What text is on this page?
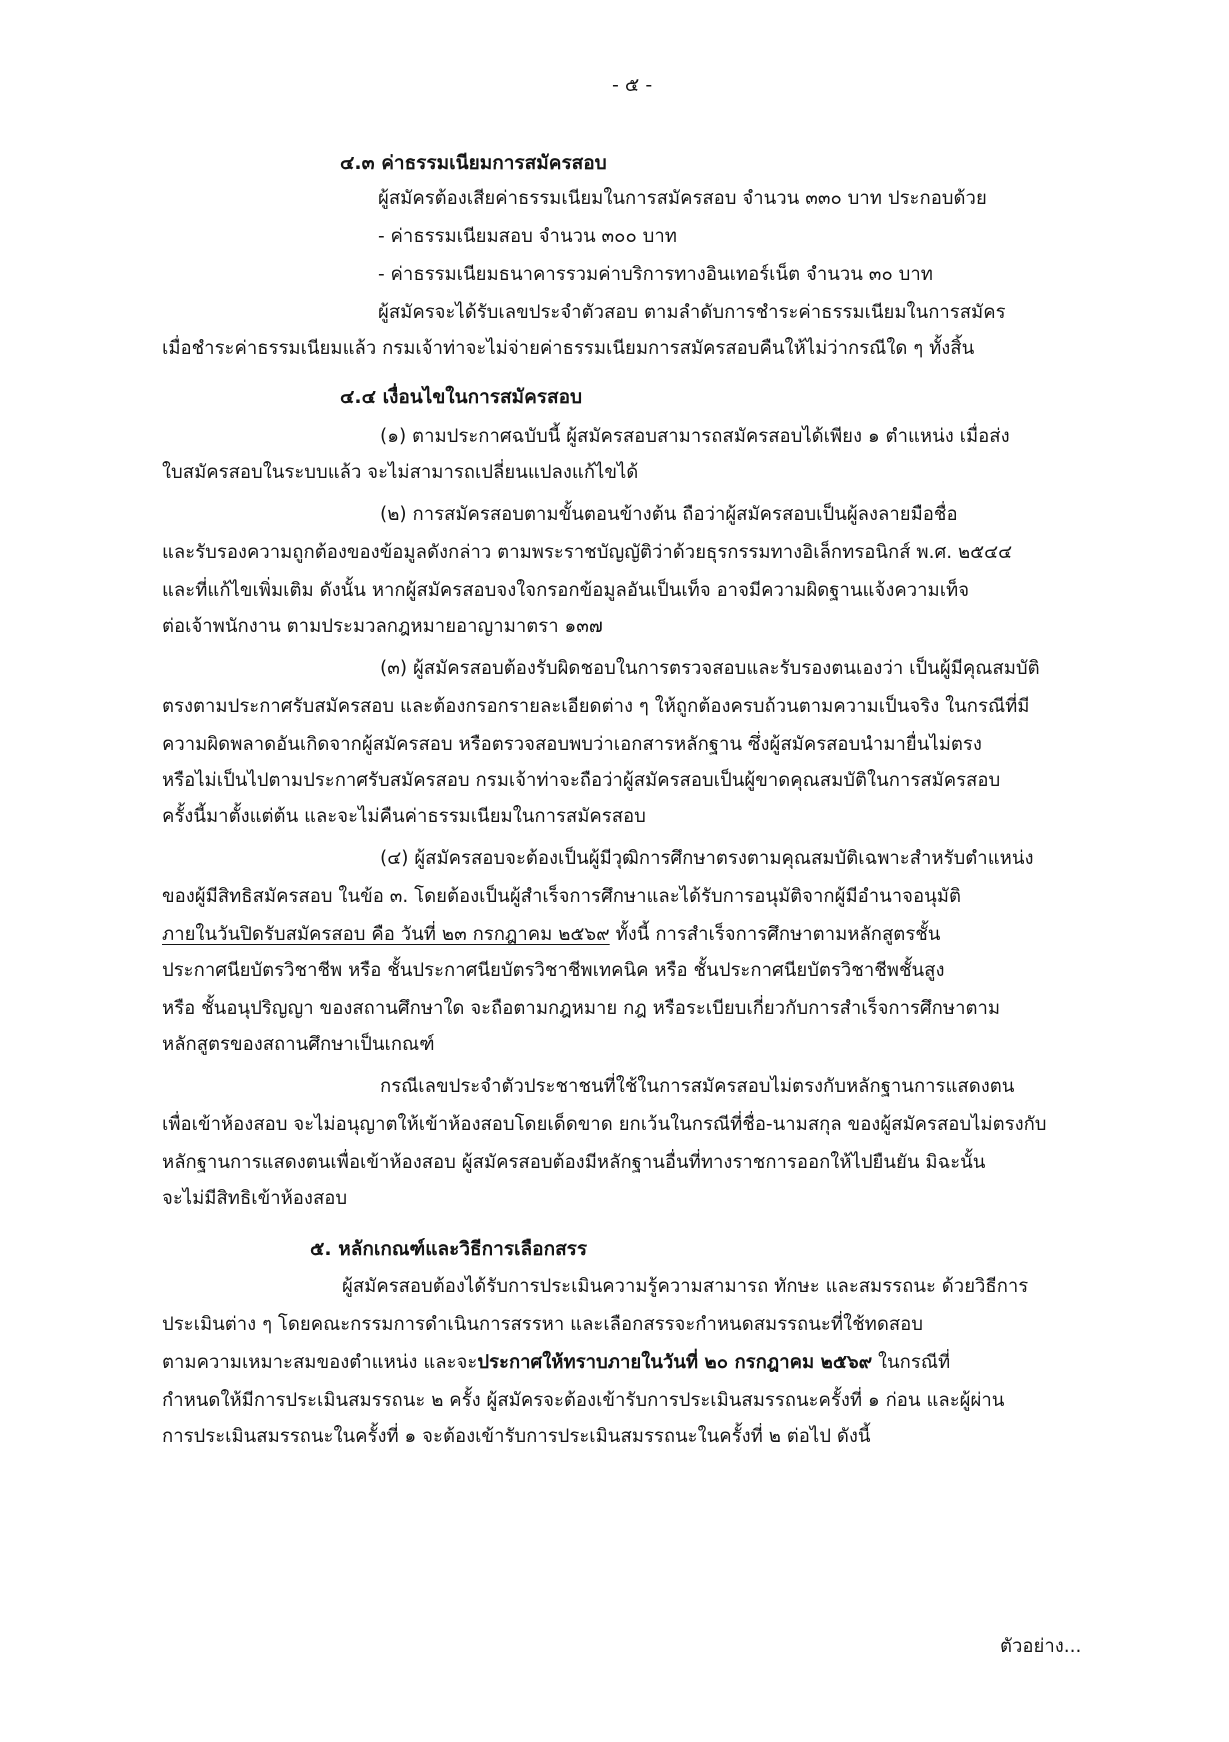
- ๕ -
๔.๓ ค่าธรรมเนียมการสมัครสอบ
ผู้สมัครต้องเสียค่าธรรมเนียมในการสมัครสอบ จำนวน ๓๓๐ บาท ประกอบด้วย
- ค่าธรรมเนียมสอบ จำนวน ๓๐๐ บาท
- ค่าธรรมเนียมธนาคารรวมค่าบริการทางอินเทอร์เน็ต จำนวน ๓๐ บาท
ผู้สมัครจะได้รับเลขประจำตัวสอบ ตามลำดับการชำระค่าธรรมเนียมในการสมัคร
เมื่อชำระค่าธรรมเนียมแล้ว กรมเจ้าท่าจะไม่จ่ายค่าธรรมเนียมการสมัครสอบคืนให้ไม่ว่ากรณีใด ๆ ทั้งสิ้น
๔.๔ เงื่อนไขในการสมัครสอบ
(๑) ตามประกาศฉบับนี้ ผู้สมัครสอบสามารถสมัครสอบได้เพียง ๑ ตำแหน่ง เมื่อส่ง
ใบสมัครสอบในระบบแล้ว จะไม่สามารถเปลี่ยนแปลงแก้ไขได้
(๒) การสมัครสอบตามขั้นตอนข้างต้น ถือว่าผู้สมัครสอบเป็นผู้ลงลายมือชื่อ
และรับรองความถูกต้องของข้อมูลดังกล่าว ตามพระราชบัญญัติว่าด้วยธุรกรรมทางอิเล็กทรอนิกส์ พ.ศ. ๒๕๔๔
และที่แก้ไขเพิ่มเติม ดังนั้น หากผู้สมัครสอบจงใจกรอกข้อมูลอันเป็นเท็จ อาจมีความผิดฐานแจ้งความเท็จ
ต่อเจ้าพนักงาน ตามประมวลกฎหมายอาญามาตรา ๑๓๗
(๓) ผู้สมัครสอบต้องรับผิดชอบในการตรวจสอบและรับรองตนเองว่า เป็นผู้มีคุณสมบัติ
ตรงตามประกาศรับสมัครสอบ และต้องกรอกรายละเอียดต่าง ๆ ให้ถูกต้องครบถ้วนตามความเป็นจริง ในกรณีที่มี
ความผิดพลาดอันเกิดจากผู้สมัครสอบ หรือตรวจสอบพบว่าเอกสารหลักฐาน ซึ่งผู้สมัครสอบนำมายื่นไม่ตรง
หรือไม่เป็นไปตามประกาศรับสมัครสอบ กรมเจ้าท่าจะถือว่าผู้สมัครสอบเป็นผู้ขาดคุณสมบัติในการสมัครสอบ
ครั้งนี้มาตั้งแต่ต้น และจะไม่คืนค่าธรรมเนียมในการสมัครสอบ
(๔) ผู้สมัครสอบจะต้องเป็นผู้มีวุฒิการศึกษาตรงตามคุณสมบัติเฉพาะสำหรับตำแหน่ง
ของผู้มีสิทธิสมัครสอบ ในข้อ ๓. โดยต้องเป็นผู้สำเร็จการศึกษาและได้รับการอนุมัติจากผู้มีอำนาจอนุมัติ
ภายในวันปิดรับสมัครสอบ คือ วันที่ ๒๓ กรกฎาคม ๒๕๖๙ ทั้งนี้ การสำเร็จการศึกษาตามหลักสูตรชั้น
ประกาศนียบัตรวิชาชีพ หรือ ชั้นประกาศนียบัตรวิชาชีพเทคนิค หรือ ชั้นประกาศนียบัตรวิชาชีพชั้นสูง
หรือ ชั้นอนุปริญญา ของสถานศึกษาใด จะถือตามกฎหมาย กฎ หรือระเบียบเกี่ยวกับการสำเร็จการศึกษาตาม
หลักสูตรของสถานศึกษาเป็นเกณฑ์
กรณีเลขประจำตัวประชาชนที่ใช้ในการสมัครสอบไม่ตรงกับหลักฐานการแสดงตน
เพื่อเข้าห้องสอบ จะไม่อนุญาตให้เข้าห้องสอบโดยเด็ดขาด ยกเว้นในกรณีที่ชื่อ-นามสกุล ของผู้สมัครสอบไม่ตรงกับ
หลักฐานการแสดงตนเพื่อเข้าห้องสอบ ผู้สมัครสอบต้องมีหลักฐานอื่นที่ทางราชการออกให้ไปยืนยัน มิฉะนั้น
จะไม่มีสิทธิเข้าห้องสอบ
๕. หลักเกณฑ์และวิธีการเลือกสรร
ผู้สมัครสอบต้องได้รับการประเมินความรู้ความสามารถ ทักษะ และสมรรถนะ ด้วยวิธีการ
ประเมินต่าง ๆ โดยคณะกรรมการดำเนินการสรรหา และเลือกสรรจะกำหนดสมรรถนะที่ใช้ทดสอบ
ตามความเหมาะสมของตำแหน่ง และจะประกาศให้ทราบภายในวันที่ ๒๐ กรกฎาคม ๒๕๖๙ ในกรณีที่
กำหนดให้มีการประเมินสมรรถนะ ๒ ครั้ง ผู้สมัครจะต้องเข้ารับการประเมินสมรรถนะครั้งที่ ๑ ก่อน และผู้ผ่าน
การประเมินสมรรถนะในครั้งที่ ๑ จะต้องเข้ารับการประเมินสมรรถนะในครั้งที่ ๒ ต่อไป ดังนี้
ตัวอย่าง...
